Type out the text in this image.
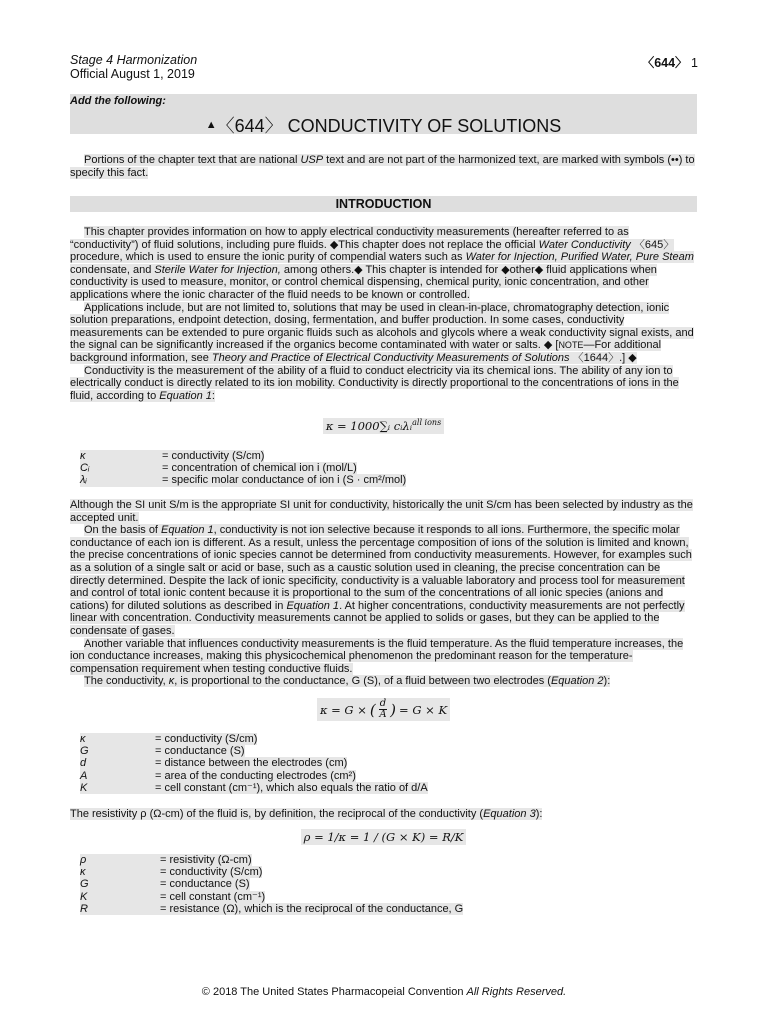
Stage 4 Harmonization
Official August 1, 2019
〈644〉 1
Add the following:
▲〈644〉 CONDUCTIVITY OF SOLUTIONS

Portions of the chapter text that are national USP text and are not part of the harmonized text, are marked with symbols (••) to specify this fact.

INTRODUCTION

This chapter provides information on how to apply electrical conductivity measurements (hereafter referred to as “conductivity”) of fluid solutions, including pure fluids. ◆This chapter does not replace the official Water Conductivity 〈645〉 procedure, which is used to ensure the ionic purity of compendial waters such as Water for Injection, Purified Water, Pure Steam condensate, and Sterile Water for Injection, among others.◆ This chapter is intended for ◆other◆ fluid applications when conductivity is used to measure, monitor, or control chemical dispensing, chemical purity, ionic concentration, and other applications where the ionic character of the fluid needs to be known or controlled.

Applications include, but are not limited to, solutions that may be used in clean-in-place, chromatography detection, ionic solution preparations, endpoint detection, dosing, fermentation, and buffer production. In some cases, conductivity measurements can be extended to pure organic fluids such as alcohols and glycols where a weak conductivity signal exists, and the signal can be significantly increased if the organics become contaminated with water or salts. ◆ [NOTE—For additional background information, see Theory and Practice of Electrical Conductivity Measurements of Solutions 〈1644〉.] ◆

Conductivity is the measurement of the ability of a fluid to conduct electricity via its chemical ions. The ability of any ion to electrically conduct is directly related to its ion mobility. Conductivity is directly proportional to the concentrations of ions in the fluid, according to Equation 1:

κ = 1000∑ᵢ cᵢλᵢ$^{all ions}$
κ	= conductivity (S/cm)
Cᵢ	= concentration of chemical ion i (mol/L)
λᵢ	= specific molar conductance of ion i (S · cm²/mol)

Although the SI unit S/m is the appropriate SI unit for conductivity, historically the unit S/cm has been selected by industry as the accepted unit.

On the basis of Equation 1, conductivity is not ion selective because it responds to all ions. Furthermore, the specific molar conductance of each ion is different. As a result, unless the percentage composition of ions of the solution is limited and known, the precise concentrations of ionic species cannot be determined from conductivity measurements. However, for examples such as a solution of a single salt or acid or base, such as a caustic solution used in cleaning, the precise concentration can be directly determined. Despite the lack of ionic specificity, conductivity is a valuable laboratory and process tool for measurement and control of total ionic content because it is proportional to the sum of the concentrations of all ionic species (anions and cations) for diluted solutions as described in Equation 1. At higher concentrations, conductivity measurements are not perfectly linear with concentration. Conductivity measurements cannot be applied to solids or gases, but they can be applied to the condensate of gases.

Another variable that influences conductivity measurements is the fluid temperature. As the fluid temperature increases, the ion conductance increases, making this physicochemical phenomenon the predominant reason for the temperature-compensation requirement when testing conductive fluids.

The conductivity, κ, is proportional to the conductance, G (S), of a fluid between two electrodes (Equation 2):

κ = G × ( $\frac{d}{A}$ ) = G × K
κ	= conductivity (S/cm)
G	= conductance (S)
d	= distance between the electrodes (cm)
A	= area of the conducting electrodes (cm²)
K	= cell constant (cm⁻¹), which also equals the ratio of d/A

The resistivity ρ (Ω-cm) of the fluid is, by definition, the reciprocal of the conductivity (Equation 3):

ρ = 1/κ = 1 / (G × K) = R/K
ρ	= resistivity (Ω-cm)
κ	= conductivity (S/cm)
G	= conductance (S)
K	= cell constant (cm⁻¹)
R	= resistance (Ω), which is the reciprocal of the conductance, G
© 2018 The United States Pharmacopeial Convention All Rights Reserved.
